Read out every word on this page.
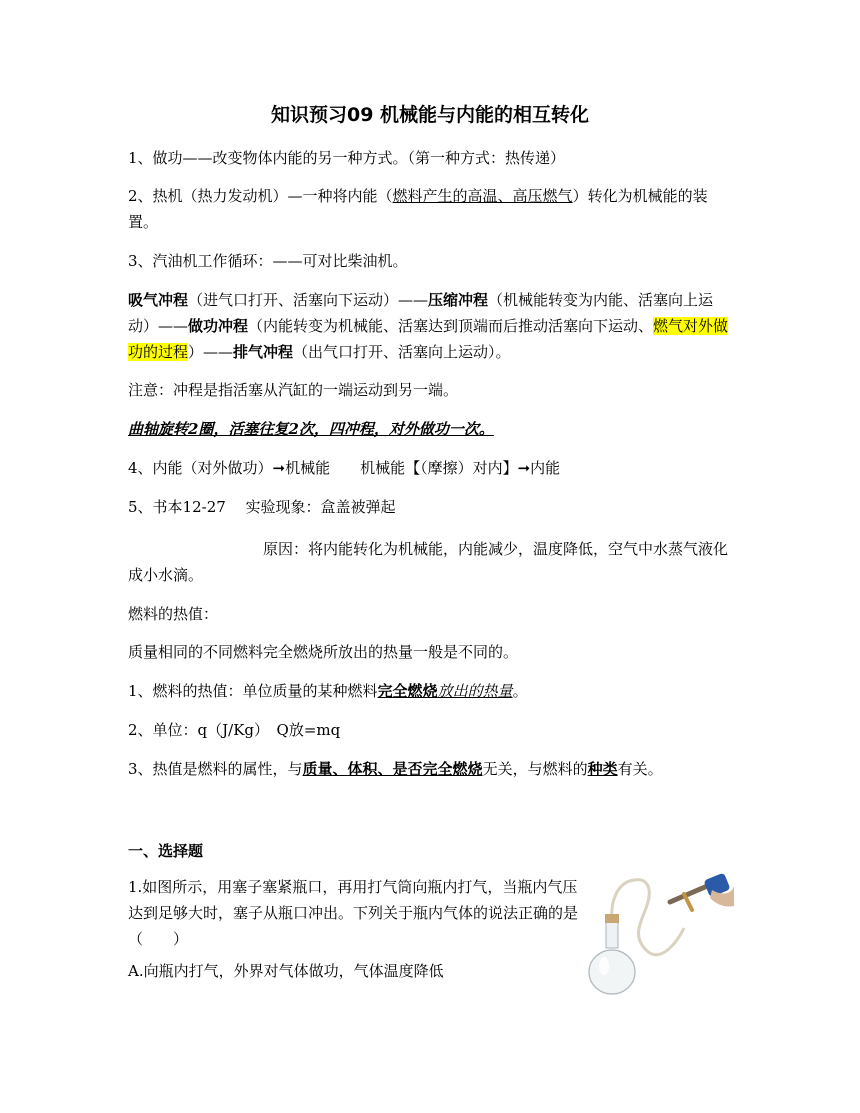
知识预习09 机械能与内能的相互转化

1、做功——改变物体内能的另一种方式。（第一种方式：热传递）

2、热机（热力发动机）—一种将内能（燃料产生的高温、高压燃气）转化为机械能的装置。

3、汽油机工作循环：——可对比柴油机。

吸气冲程（进气口打开、活塞向下运动）——压缩冲程（机械能转变为内能、活塞向上运动）——做功冲程（内能转变为机械能、活塞达到顶端而后推动活塞向下运动、燃气对外做功的过程）——排气冲程（出气口打开、活塞向上运动）。

注意：冲程是指活塞从汽缸的一端运动到另一端。

曲轴旋转2圈，活塞往复2次，四冲程，对外做功一次。

4、内能（对外做功）➞机械能　　机械能【（摩擦）对内】➞内能

5、书本12-27　 实验现象：盒盖被弹起

原因：将内能转化为机械能，内能减少，温度降低，空气中水蒸气液化成小水滴。

燃料的热值：

质量相同的不同燃料完全燃烧所放出的热量一般是不同的。

1、燃料的热值：单位质量的某种燃料完全燃烧放出的热量。

2、单位：q（J/Kg）　Q放=mq

3、热值是燃料的属性，与质量、体积、是否完全燃烧无关，与燃料的种类有关。

一、选择题

1.如图所示，用塞子塞紧瓶口，再用打气筒向瓶内打气，当瓶内气压达到足够大时，塞子从瓶口冲出。下列关于瓶内气体的说法正确的是（　　）

A.向瓶内打气，外界对气体做功，气体温度降低
